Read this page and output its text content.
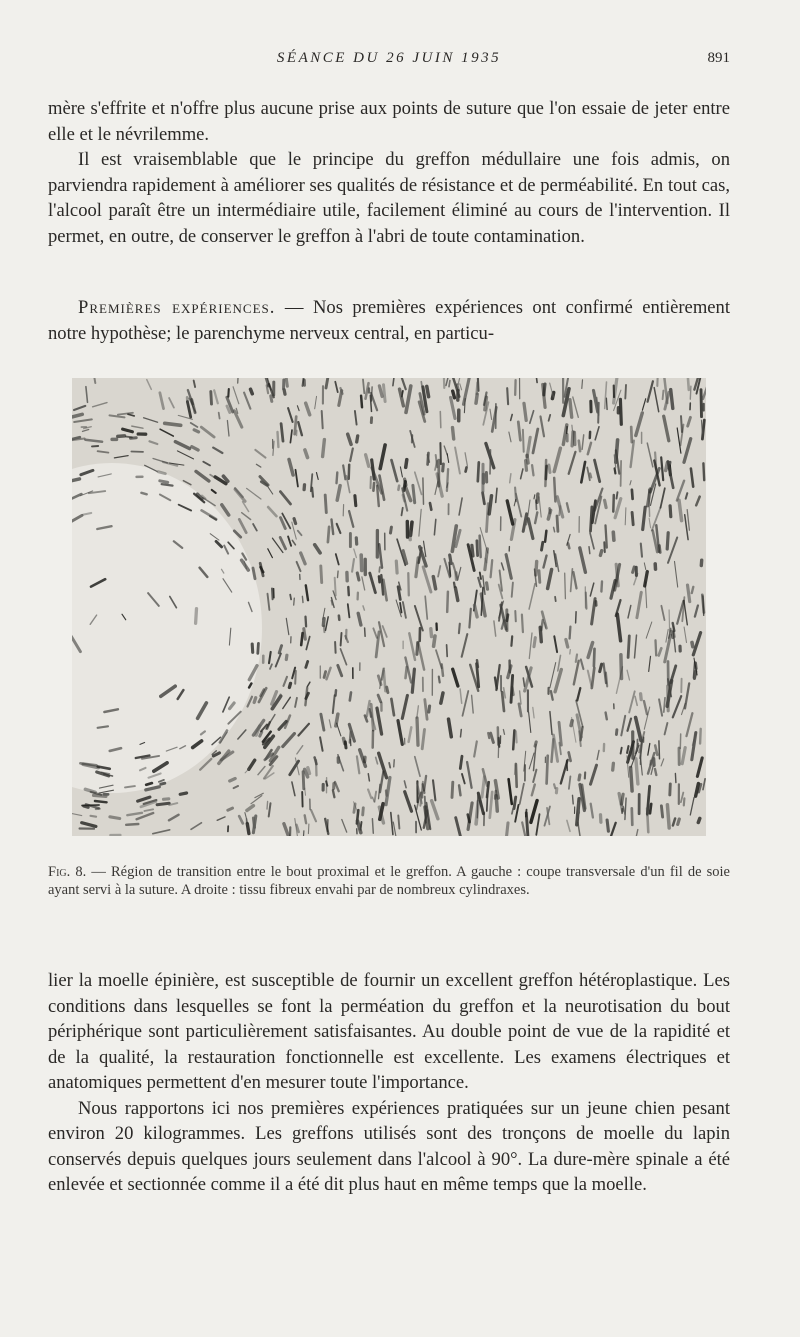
SÉANCE DU 26 JUIN 1935	891

mère s'effrite et n'offre plus aucune prise aux points de suture que l'on essaie de jeter entre elle et le névrilemme.

Il est vraisemblable que le principe du greffon médullaire une fois admis, on parviendra rapidement à améliorer ses qualités de résistance et de perméabilité. En tout cas, l'alcool paraît être un intermédiaire utile, facilement éliminé au cours de l'intervention. Il permet, en outre, de conserver le greffon à l'abri de toute contamination.

Premières expériences. — Nos premières expériences ont confirmé entièrement notre hypothèse; le parenchyme nerveux central, en particu-

Fig. 8. — Région de transition entre le bout proximal et le greffon. A gauche : coupe transversale d'un fil de soie ayant servi à la suture. A droite : tissu fibreux envahi par de nombreux cylindraxes.

lier la moelle épinière, est susceptible de fournir un excellent greffon hétéroplastique. Les conditions dans lesquelles se font la perméation du greffon et la neurotisation du bout périphérique sont particulièrement satisfaisantes. Au double point de vue de la rapidité et de la qualité, la restauration fonctionnelle est excellente. Les examens électriques et anatomiques permettent d'en mesurer toute l'importance.

Nous rapportons ici nos premières expériences pratiquées sur un jeune chien pesant environ 20 kilogrammes. Les greffons utilisés sont des tronçons de moelle du lapin conservés depuis quelques jours seulement dans l'alcool à 90°. La dure-mère spinale a été enlevée et sectionnée comme il a été dit plus haut en même temps que la moelle.
